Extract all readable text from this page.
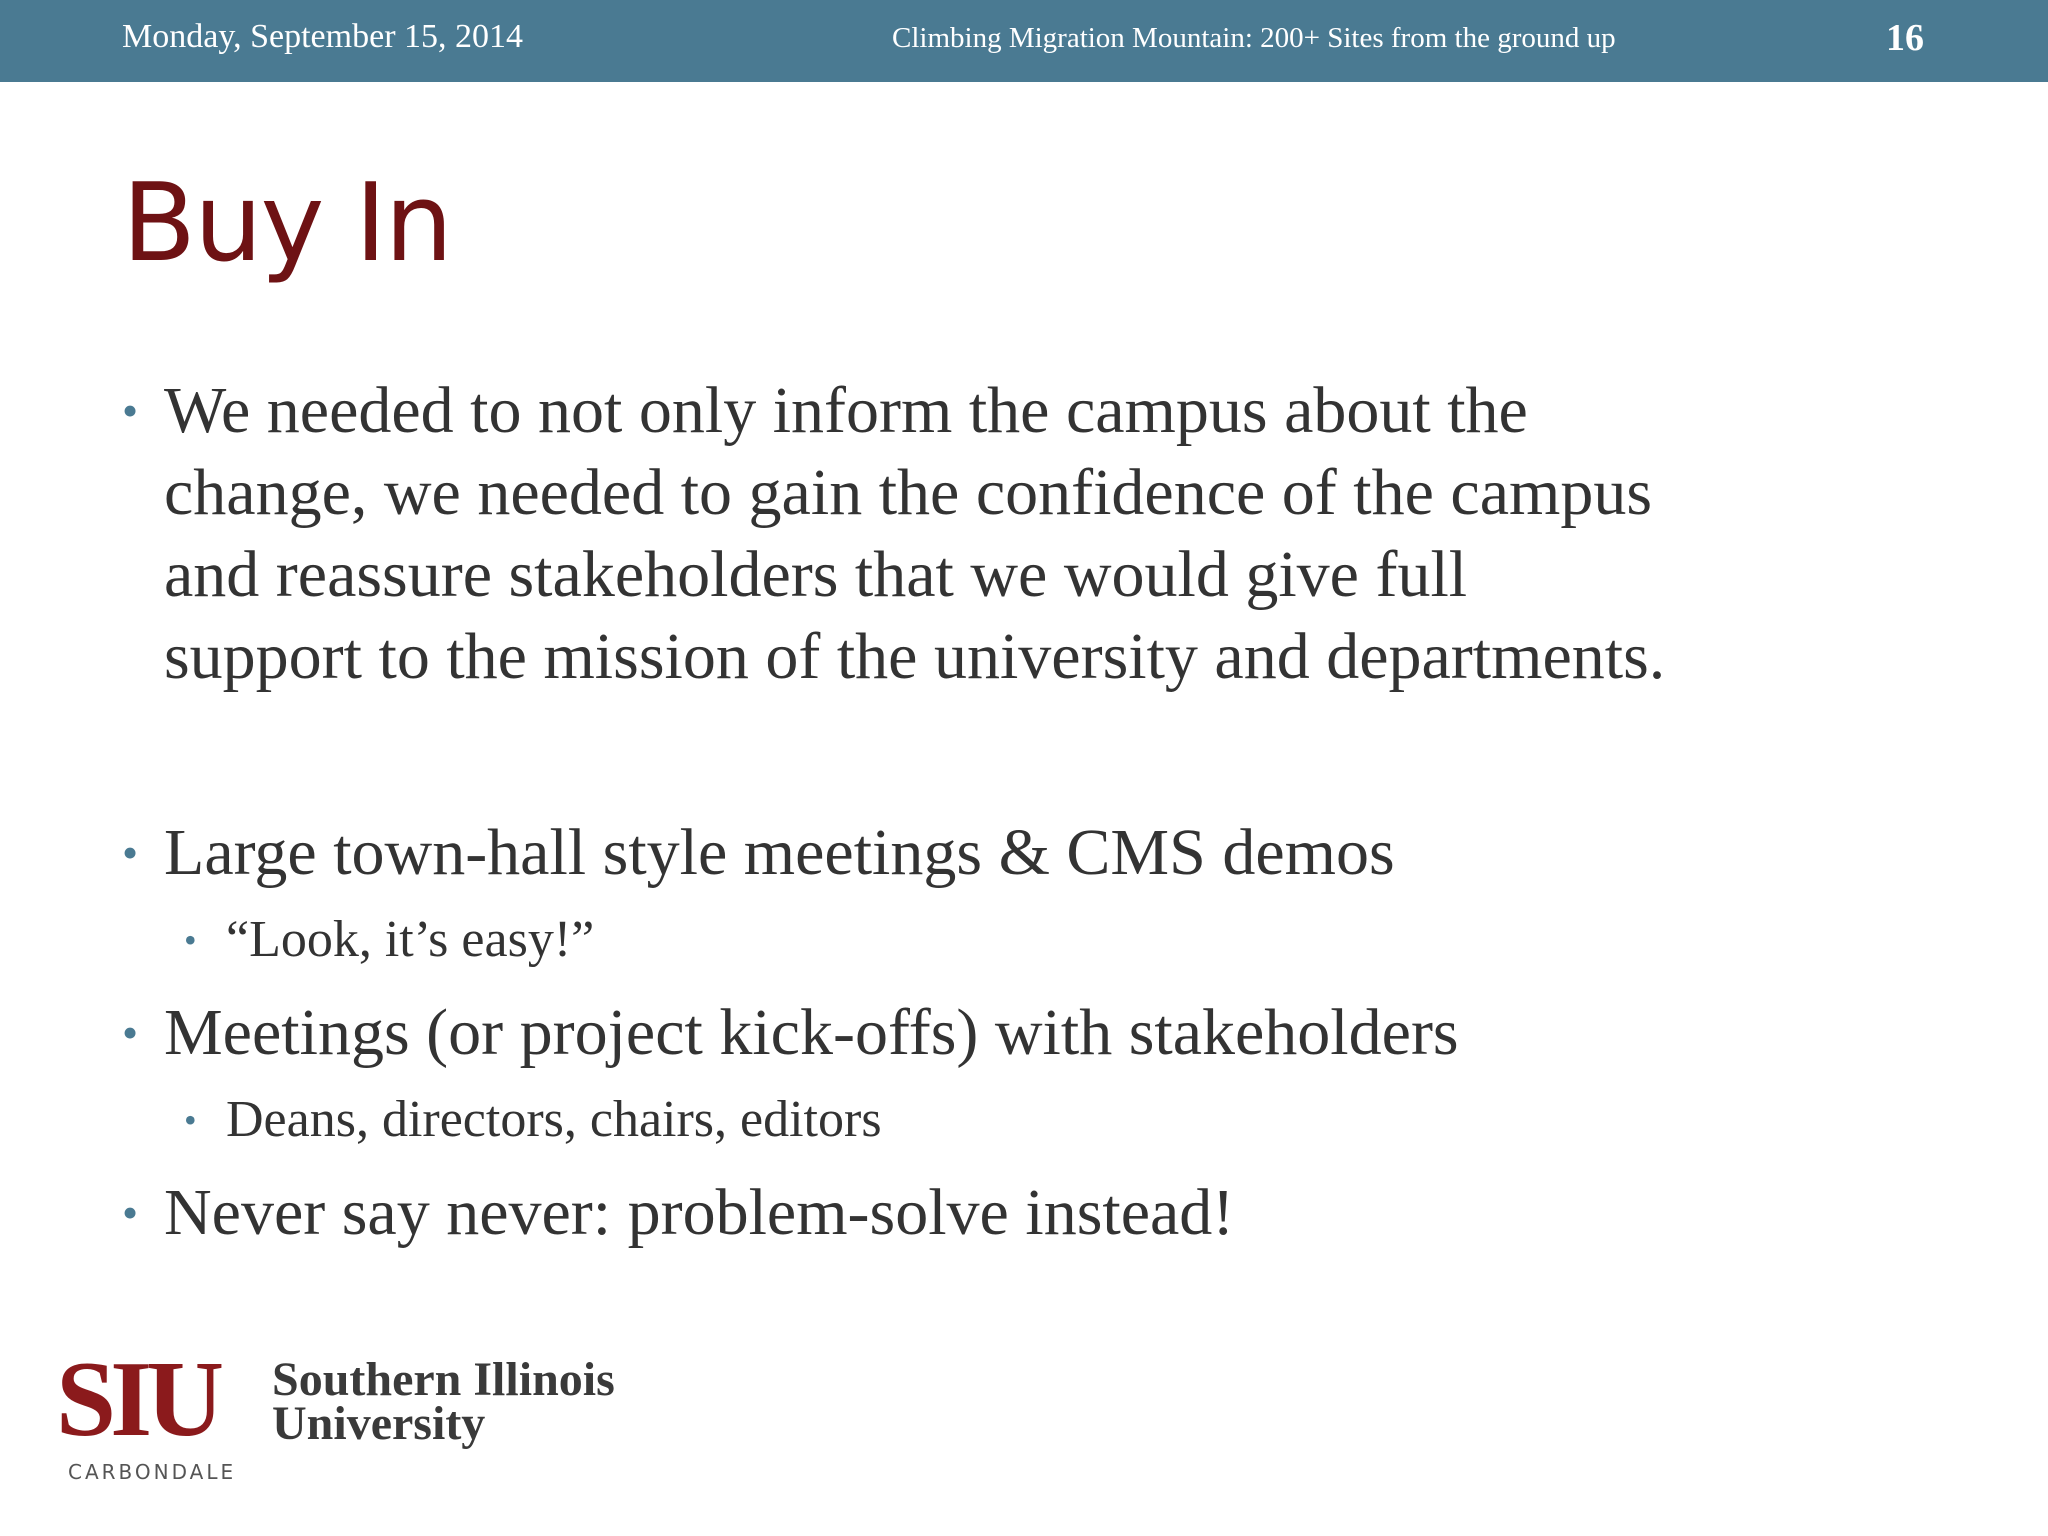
Monday, September 15, 2014	Climbing Migration Mountain: 200+ Sites from the ground up	16
Buy In
• We needed to not only inform the campus about the
change, we needed to gain the confidence of the campus
and reassure stakeholders that we would give full
support to the mission of the university and departments.
• Large town-hall style meetings & CMS demos
• “Look, it’s easy!”
• Meetings (or project kick-offs) with stakeholders
• Deans, directors, chairs, editors
• Never say never: problem-solve instead!
SIU
CARBONDALE
Southern Illinois
University
